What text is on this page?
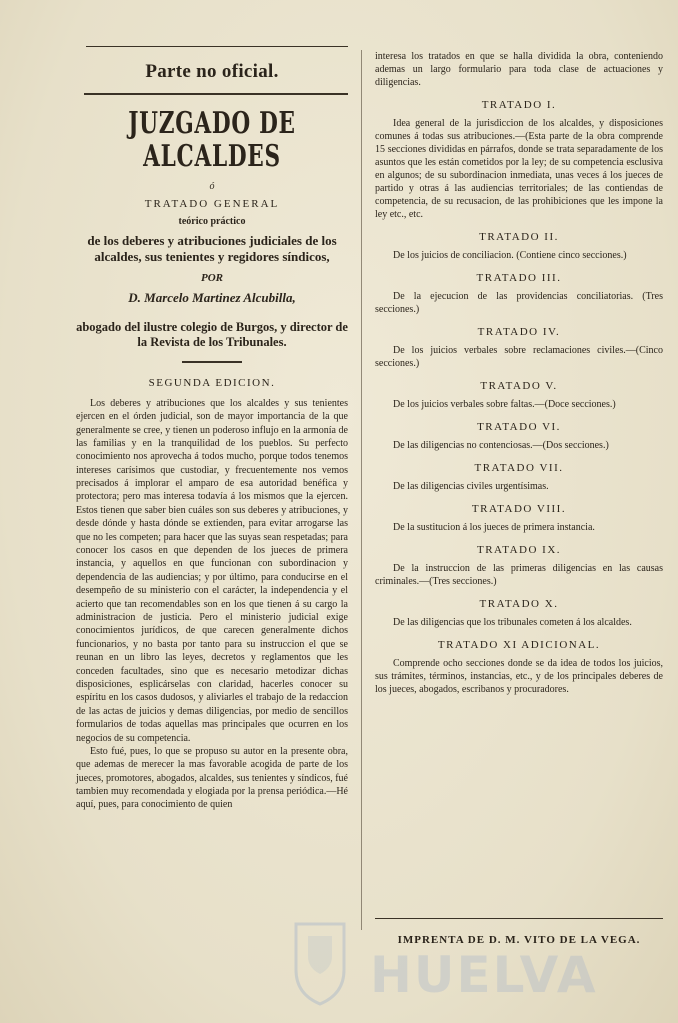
Parte no oficial.
JUZGADO DE ALCALDES
ó
TRATADO GENERAL
teórico práctico
de los deberes y atribuciones judiciales de los alcaldes, sus tenientes y regidores síndicos,
POR
D. Marcelo Martinez Alcubilla,
abogado del ilustre colegio de Burgos, y director de la Revista de los Tribunales.
SEGUNDA EDICION.

Los deberes y atribuciones que los alcaldes y sus tenientes ejercen en el órden judicial, son de mayor importancia de la que generalmente se cree, y tienen un poderoso influjo en la armonía de las familias y en la tranquilidad de los pueblos. Su perfecto conocimiento nos aprovecha á todos mucho, porque todos tenemos intereses carísimos que custodiar, y frecuentemente nos vemos precisados á implorar el amparo de esa autoridad benéfica y protectora; pero mas interesa todavía á los mismos que la ejercen. Estos tienen que saber bien cuáles son sus deberes y atribuciones, y desde dónde y hasta dónde se extienden, para evitar arrogarse las que no les competen; para hacer que las suyas sean respetadas; para conocer los casos en que dependen de los jueces de primera instancia, y aquellos en que funcionan con subordinacion y dependencia de las audiencias; y por último, para conducirse en el desempeño de su ministerio con el carácter, la independencia y el acierto que tan recomendables son en los que tienen á su cargo la administracion de justicia. Pero el ministerio judicial exige conocimientos jurídicos, de que carecen generalmente dichos funcionarios, y no basta por tanto para su instruccion el que se reunan en un libro las leyes, decretos y reglamentos que les conceden facultades, sino que es necesario metodizar dichas disposiciones, esplicárselas con claridad, hacerles conocer su espíritu en los casos dudosos, y aliviarles el trabajo de la redaccion de las actas de juicios y demas diligencias, por medio de sencillos formularios de todas aquellas mas principales que ocurren en los negocios de su competencia.

Esto fué, pues, lo que se propuso su autor en la presente obra, que ademas de merecer la mas favorable acogida de parte de los jueces, promotores, abogados, alcaldes, sus tenientes y síndicos, fué tambien muy recomendada y elogiada por la prensa periódica.—Hé aquí, pues, para conocimiento de quien

interesa los tratados en que se halla dividida la obra, conteniendo ademas un largo formulario para toda clase de actuaciones y diligencias.

TRATADO I.

Idea general de la jurisdiccion de los alcaldes, y disposiciones comunes á todas sus atribuciones.—(Esta parte de la obra comprende 15 secciones divididas en párrafos, donde se trata separadamente de los asuntos que les están cometidos por la ley; de su competencia esclusiva en algunos; de su subordinacion inmediata, unas veces á los jueces de partido y otras á las audiencias territoriales; de las contiendas de competencia, de su recusacion, de las prohibiciones que les impone la ley etc., etc.

TRATADO II.

De los juicios de conciliacion. (Contiene cinco secciones.)

TRATADO III.

De la ejecucion de las providencias conciliatorias. (Tres secciones.)

TRATADO IV.

De los juicios verbales sobre reclamaciones civiles.—(Cinco secciones.)

TRATADO V.

De los juicios verbales sobre faltas.—(Doce secciones.)

TRATADO VI.

De las diligencias no contenciosas.—(Dos secciones.)

TRATADO VII.

De las diligencias civiles urgentísimas.

TRATADO VIII.

De la sustitucion á los jueces de primera instancia.

TRATADO IX.

De la instruccion de las primeras diligencias en las causas criminales.—(Tres secciones.)

TRATADO X.

De las diligencias que los tribunales cometen á los alcaldes.

TRATADO XI ADICIONAL.

Comprende ocho secciones donde se da idea de todos los juicios, sus trámites, términos, instancias, etc., y de los principales deberes de los jueces, abogados, escribanos y procuradores.

IMPRENTA DE D. M. VITO DE LA VEGA.
HUELVA
